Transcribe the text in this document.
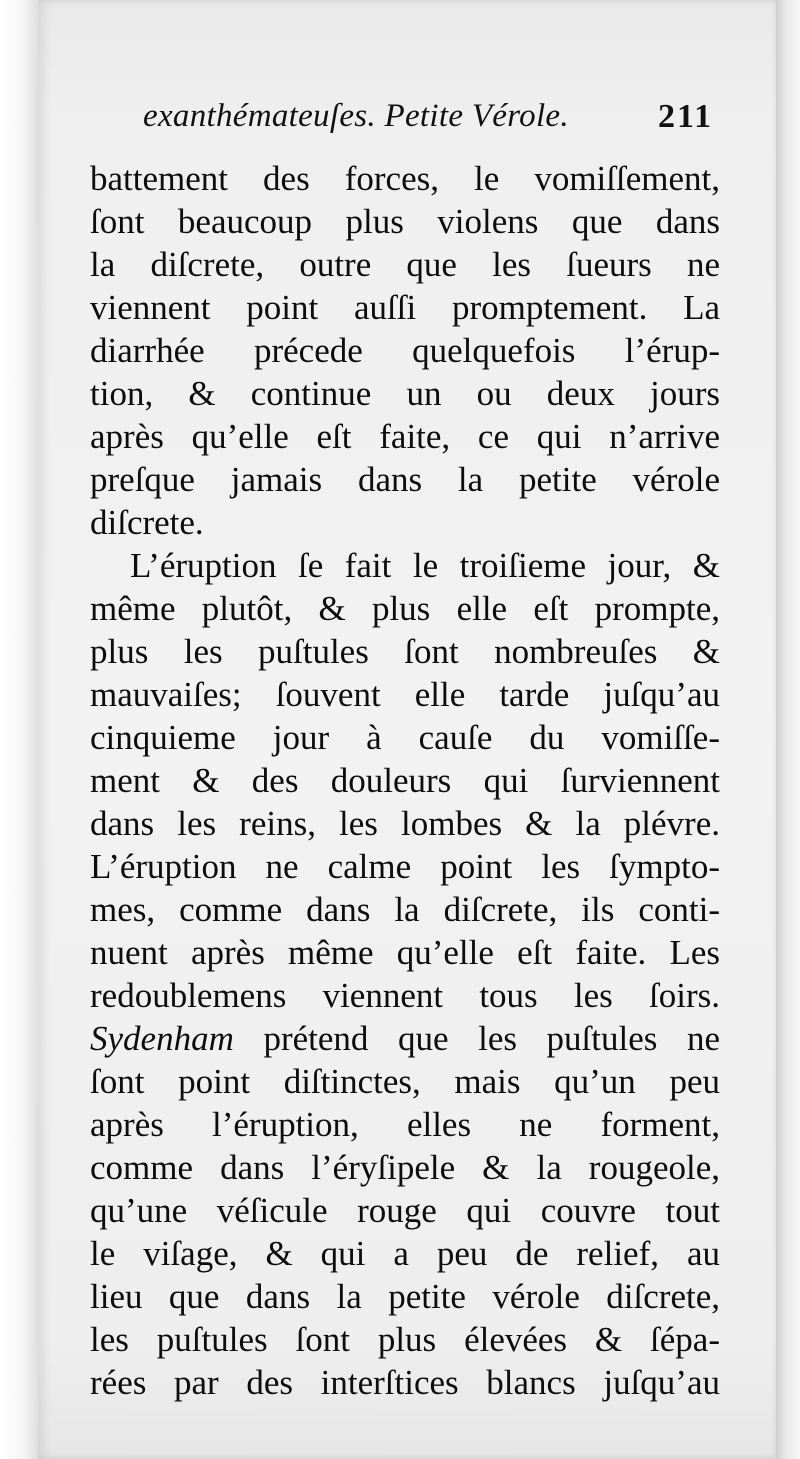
exanthémateuſes. Petite Vérole.	211
battement des forces, le vomiſſement,
ſont beaucoup plus violens que dans
la diſcrete, outre que les ſueurs ne
viennent point auſſi promptement. La
diarrhée précede quelquefois l’érup-
tion, & continue un ou deux jours
après qu’elle eſt faite, ce qui n’arrive
preſque jamais dans la petite vérole
diſcrete.
L’éruption ſe fait le troiſieme jour, &
même plutôt, & plus elle eſt prompte,
plus les puſtules ſont nombreuſes &
mauvaiſes; ſouvent elle tarde juſqu’au
cinquieme jour à cauſe du vomiſſe-
ment & des douleurs qui ſurviennent
dans les reins, les lombes & la plévre.
L’éruption ne calme point les ſympto-
mes, comme dans la diſcrete, ils conti-
nuent après même qu’elle eſt faite. Les
redoublemens viennent tous les ſoirs.
Sydenham prétend que les puſtules ne
ſont point diſtinctes, mais qu’un peu
après l’éruption, elles ne forment,
comme dans l’éryſipele & la rougeole,
qu’une véſicule rouge qui couvre tout
le viſage, & qui a peu de relief, au
lieu que dans la petite vérole diſcrete,
les puſtules ſont plus élevées & ſépa-
rées par des interſtices blancs juſqu’au
